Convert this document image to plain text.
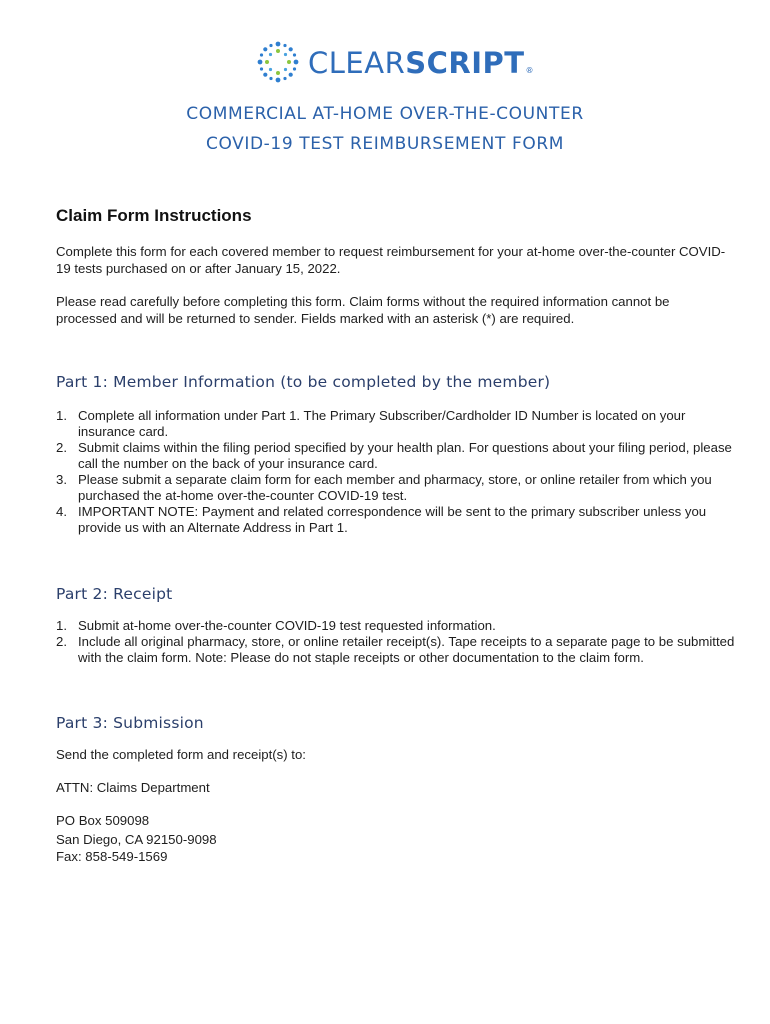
CLEARSCRIPT®
COMMERCIAL AT-HOME OVER-THE-COUNTER
COVID-19 TEST REIMBURSEMENT FORM
Claim Form Instructions

Complete this form for each covered member to request reimbursement for your at-home over-the-counter COVID-19 tests purchased on or after January 15, 2022.

Please read carefully before completing this form. Claim forms without the required information cannot be processed and will be returned to sender. Fields marked with an asterisk (*) are required.

Part 1: Member Information (to be completed by the member)
1. Complete all information under Part 1. The Primary Subscriber/Cardholder ID Number is located on your insurance card.
2. Submit claims within the filing period specified by your health plan. For questions about your filing period, please call the number on the back of your insurance card.
3. Please submit a separate claim form for each member and pharmacy, store, or online retailer from which you purchased the at-home over-the-counter COVID-19 test.
4. IMPORTANT NOTE: Payment and related correspondence will be sent to the primary subscriber unless you provide us with an Alternate Address in Part 1.
Part 2: Receipt
1. Submit at-home over-the-counter COVID-19 test requested information.
2. Include all original pharmacy, store, or online retailer receipt(s). Tape receipts to a separate page to be submitted with the claim form. Note: Please do not staple receipts or other documentation to the claim form.
Part 3: Submission

Send the completed form and receipt(s) to:

ATTN: Claims Department

PO Box 509098

San Diego, CA 92150-9098

Fax: 858-549-1569
